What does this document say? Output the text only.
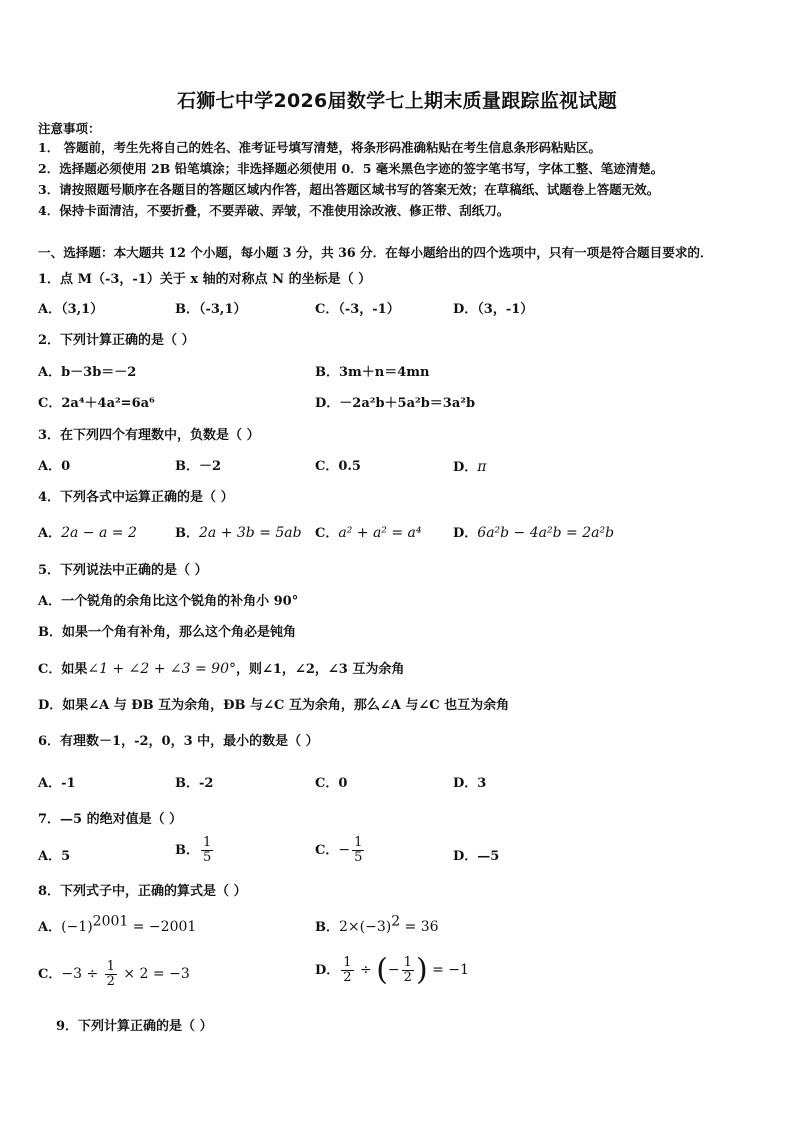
石狮七中学2026届数学七上期末质量跟踪监视试题
注意事项：
1． 答题前，考生先将自己的姓名、准考证号填写清楚，将条形码准确粘贴在考生信息条形码粘贴区。
2．选择题必须使用 2B 铅笔填涂；非选择题必须使用 0．5 毫米黑色字迹的签字笔书写，字体工整、笔迹清楚。
3．请按照题号顺序在各题目的答题区域内作答，超出答题区域书写的答案无效；在草稿纸、试题卷上答题无效。
4．保持卡面清洁，不要折叠，不要弄破、弄皱，不准使用涂改液、修正带、刮纸刀。
一、选择题：本大题共 12 个小题，每小题 3 分，共 36 分．在每小题给出的四个选项中，只有一项是符合题目要求的．
1．点 M（-3，-1）关于 x 轴的对称点 N 的坐标是（ ）
A．（3,1）	B．（-3,1）	C．（-3，-1）	D．（3，-1）
2．下列计算正确的是（ ）
A．b－3b＝－2	B．3m＋n＝4mn
C．2a⁴＋4a²=6a⁶	D．－2a²b＋5a²b＝3a²b
3．在下列四个有理数中，负数是（ ）
A．0	B．－2	C．0.5	D．π
4．下列各式中运算正确的是（ ）
A．2a − a = 2	B．2a + 3b = 5ab C．a² + a² = a⁴ D．6a²b − 4a²b = 2a²b
5．下列说法中正确的是（ ）
A．一个锐角的余角比这个锐角的补角小 90°
B．如果一个角有补角，那么这个角必是钝角
C．如果∠1 + ∠2 + ∠3 = 90°，则∠1，∠2，∠3 互为余角
D．如果∠A 与 ÐB 互为余角，ÐB 与∠C 互为余角，那么∠A 与∠C 也互为余角
6．有理数－1，-2，0，3 中，最小的数是（ ）
A．-1	B．-2	C．0	D．3
7．—5 的绝对值是（ ）
A．5	B． $\frac{1}{5}$	C．− $\frac{1}{5}$	D．—5
8．下列式子中，正确的算式是（ ）
A．$(-1)^{2001} = -2001$	B．$2\times(-3)^2 = 36$
C．$-3 \div \frac{1}{2} \times 2 = -3$	D． $\frac{1}{2}$ ÷ (− $\frac{1}{2}$ ) = −1
9．下列计算正确的是（ ）
